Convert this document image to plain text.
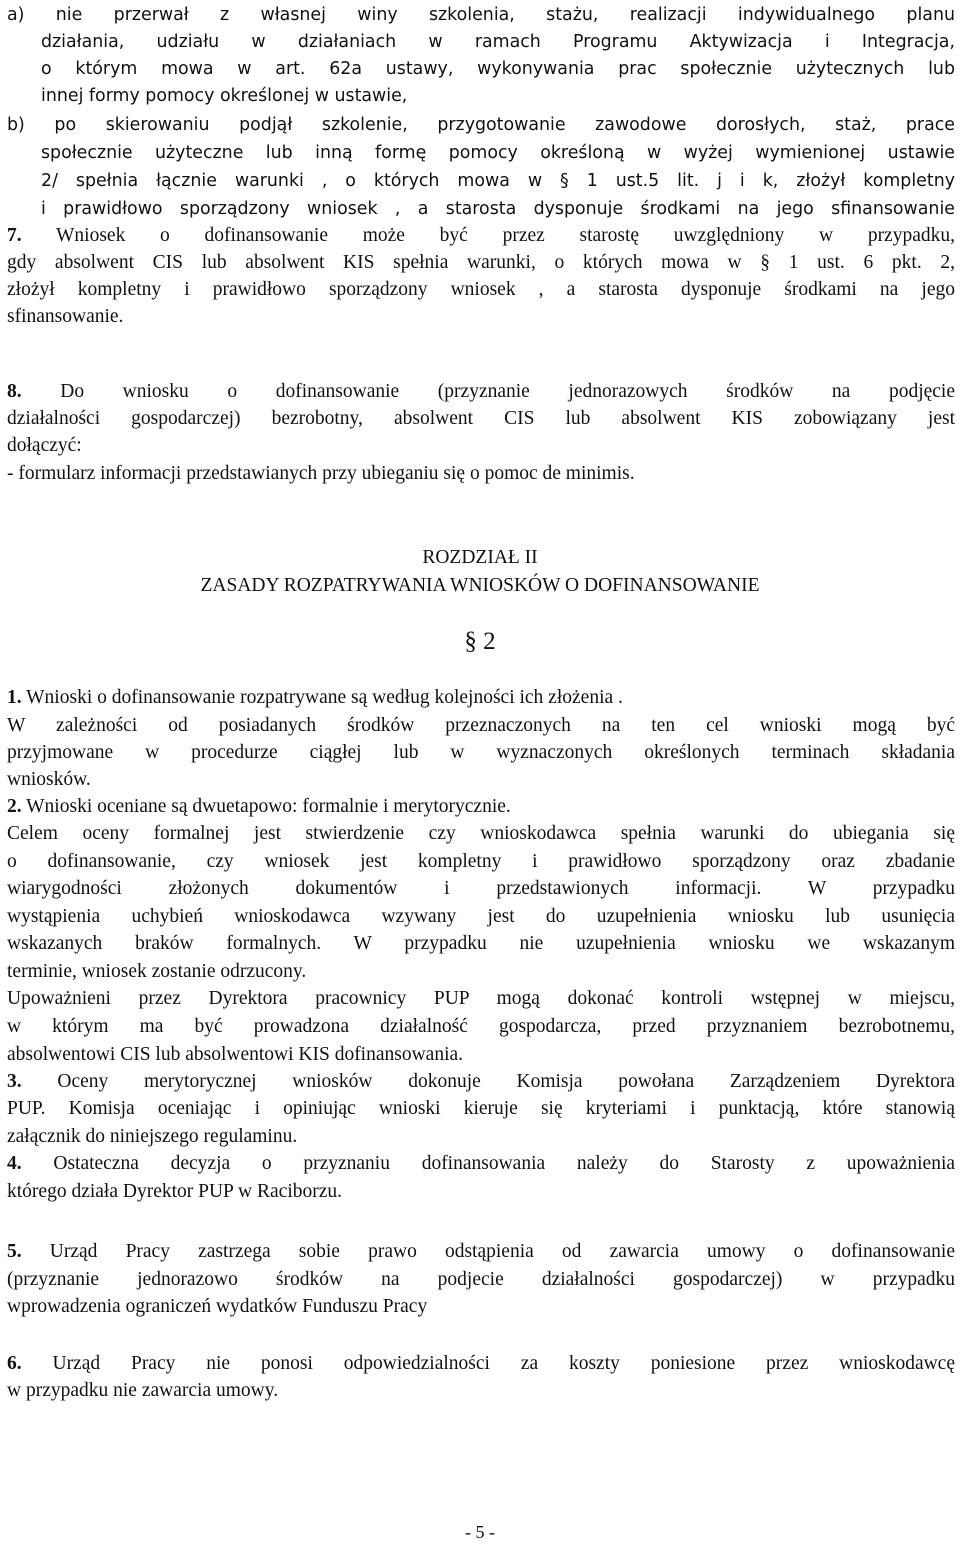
a) nie przerwał z własnej winy szkolenia, stażu, realizacji indywidualnego planu
działania, udziału w działaniach w ramach Programu Aktywizacja i Integracja,
o którym mowa w art. 62a ustawy, wykonywania prac społecznie użytecznych lub
innej formy pomocy określonej w ustawie,
b) po skierowaniu podjął szkolenie, przygotowanie zawodowe dorosłych, staż, prace
społecznie użyteczne lub inną formę pomocy określoną w wyżej wymienionej ustawie
2/ spełnia łącznie warunki , o których mowa w § 1 ust.5 lit. j i k, złożył kompletny
i prawidłowo sporządzony wniosek , a starosta dysponuje środkami na jego sfinansowanie
7. Wniosek o dofinansowanie może być przez starostę uwzględniony w przypadku,
gdy absolwent CIS lub absolwent KIS spełnia warunki, o których mowa w § 1 ust. 6 pkt. 2,
złożył kompletny i prawidłowo sporządzony wniosek , a starosta dysponuje środkami na jego
sfinansowanie.
8. Do wniosku o dofinansowanie (przyznanie jednorazowych środków na podjęcie
działalności gospodarczej) bezrobotny, absolwent CIS lub absolwent KIS zobowiązany jest
dołączyć:
- formularz informacji przedstawianych przy ubieganiu się o pomoc de minimis.
ROZDZIAŁ II
ZASADY ROZPATRYWANIA WNIOSKÓW O DOFINANSOWANIE
§ 2
1. Wnioski o dofinansowanie rozpatrywane są według kolejności ich złożenia .
W zależności od posiadanych środków przeznaczonych na ten cel wnioski mogą być
przyjmowane w procedurze ciągłej lub w wyznaczonych określonych terminach składania
wniosków.
2. Wnioski oceniane są dwuetapowo: formalnie i merytorycznie.
Celem oceny formalnej jest stwierdzenie czy wnioskodawca spełnia warunki do ubiegania się
o dofinansowanie, czy wniosek jest kompletny i prawidłowo sporządzony oraz zbadanie
wiarygodności złożonych dokumentów i przedstawionych informacji. W przypadku
wystąpienia uchybień wnioskodawca wzywany jest do uzupełnienia wniosku lub usunięcia
wskazanych braków formalnych. W przypadku nie uzupełnienia wniosku we wskazanym
terminie, wniosek zostanie odrzucony.
Upoważnieni przez Dyrektora pracownicy PUP mogą dokonać kontroli wstępnej w miejscu,
w którym ma być prowadzona działalność gospodarcza, przed przyznaniem bezrobotnemu,
absolwentowi CIS lub absolwentowi KIS dofinansowania.
3. Oceny merytorycznej wniosków dokonuje Komisja powołana Zarządzeniem Dyrektora
PUP. Komisja oceniając i opiniując wnioski kieruje się kryteriami i punktacją, które stanowią
załącznik do niniejszego regulaminu.
4. Ostateczna decyzja o przyznaniu dofinansowania należy do Starosty z upoważnienia
którego działa Dyrektor PUP w Raciborzu.
5. Urząd Pracy zastrzega sobie prawo odstąpienia od zawarcia umowy o dofinansowanie
(przyznanie jednorazowo środków na podjecie działalności gospodarczej) w przypadku
wprowadzenia ograniczeń wydatków Funduszu Pracy
6. Urząd Pracy nie ponosi odpowiedzialności za koszty poniesione przez wnioskodawcę
w przypadku nie zawarcia umowy.
- 5 -
